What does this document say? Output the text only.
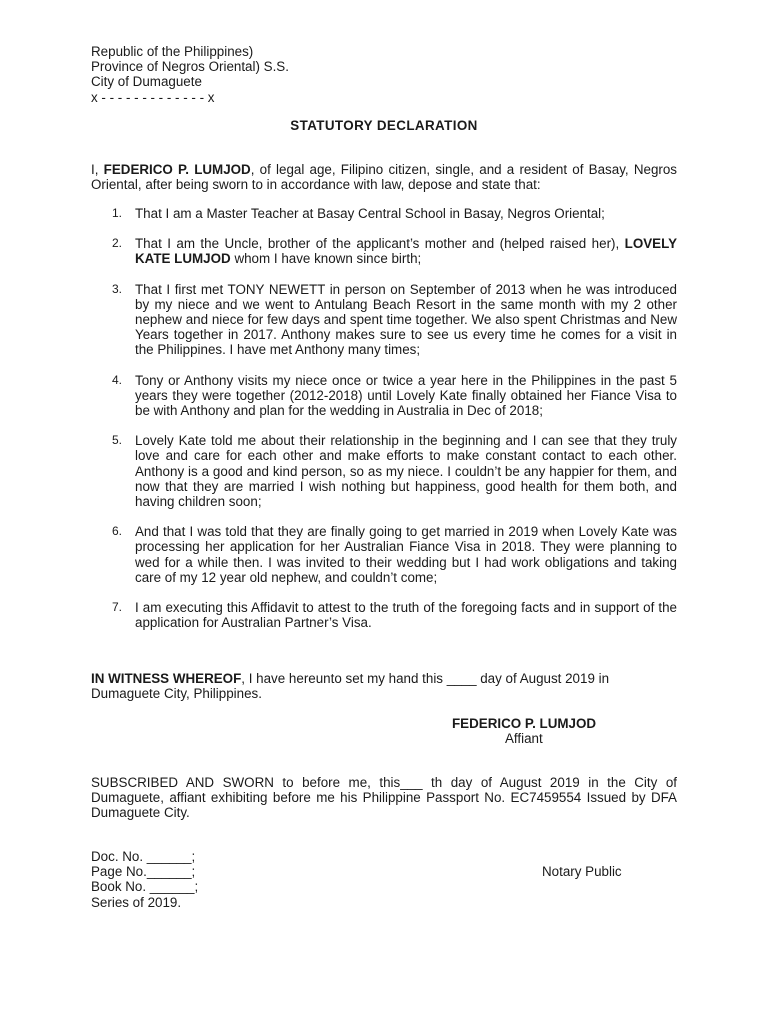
Republic of the Philippines)
Province of Negros Oriental) S.S.
City of Dumaguete
x - - - - - - - - - - - - - x
STATUTORY DECLARATION
I, FEDERICO P. LUMJOD, of legal age, Filipino citizen, single, and a resident of Basay, Negros Oriental, after being sworn to in accordance with law, depose and state that:
1. That I am a Master Teacher at Basay Central School in Basay, Negros Oriental;
2. That I am the Uncle, brother of the applicant’s mother and (helped raised her), LOVELY KATE LUMJOD whom I have known since birth;
3. That I first met TONY NEWETT in person on September of 2013 when he was introduced by my niece and we went to Antulang Beach Resort in the same month with my 2 other nephew and niece for few days and spent time together. We also spent Christmas and New Years together in 2017. Anthony makes sure to see us every time he comes for a visit in the Philippines. I have met Anthony many times;
4. Tony or Anthony visits my niece once or twice a year here in the Philippines in the past 5 years they were together (2012-2018) until Lovely Kate finally obtained her Fiance Visa to be with Anthony and plan for the wedding in Australia in Dec of 2018;
5. Lovely Kate told me about their relationship in the beginning and I can see that they truly love and care for each other and make efforts to make constant contact to each other. Anthony is a good and kind person, so as my niece. I couldn’t be any happier for them, and now that they are married I wish nothing but happiness, good health for them both, and having children soon;
6. And that I was told that they are finally going to get married in 2019 when Lovely Kate was processing her application for her Australian Fiance Visa in 2018. They were planning to wed for a while then. I was invited to their wedding but I had work obligations and taking care of my 12 year old nephew, and couldn’t come;
7. I am executing this Affidavit to attest to the truth of the foregoing facts and in support of the application for Australian Partner’s Visa.
IN WITNESS WHEREOF, I have hereunto set my hand this ____ day of August 2019 in Dumaguete City, Philippines.
FEDERICO P. LUMJOD
Affiant
SUBSCRIBED AND SWORN to before me, this___ th day of August 2019 in the City of Dumaguete, affiant exhibiting before me his Philippine Passport No. EC7459554 Issued by DFA Dumaguete City.
Doc. No. ______;
Page No.______;
Book No. ______;
Series of 2019.
Notary Public
